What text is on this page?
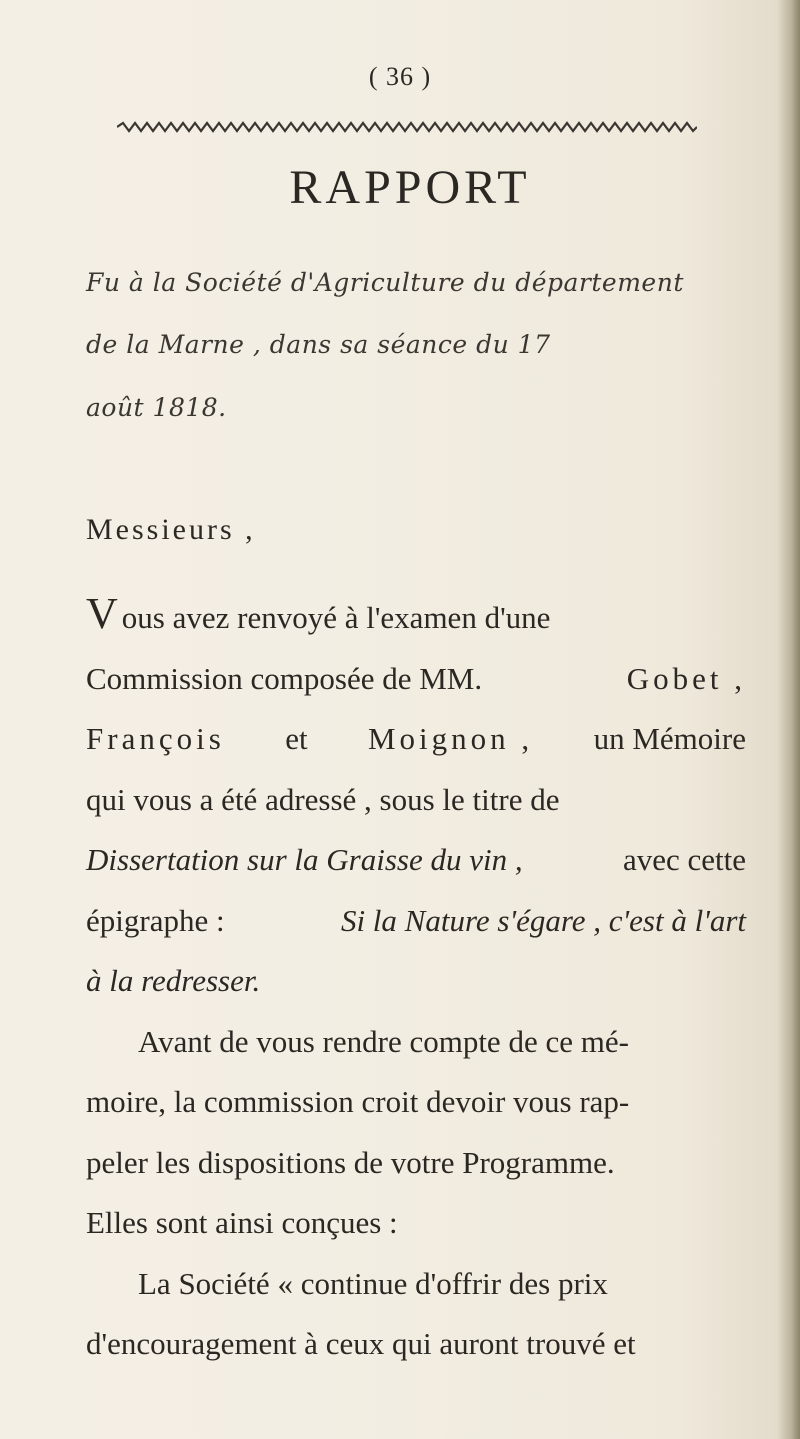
( 36 )
RAPPORT
Fu à la Société d'Agriculture du département
de la Marne , dans sa séance du 17
août 1818.
Messieurs ,
V ous avez renvoyé à l'examen d'une
Commission composée de MM.	Gobet ,
François et Moignon , un Mémoire
qui vous a été adressé , sous le titre de
Dissertation sur la Graisse du vin ,	avec cette
épigraphe :	Si la Nature s'égare , c'est à l'art
à la redresser.
Avant de vous rendre compte de ce mé-
moire, la commission croit devoir vous rap-
peler les dispositions de votre Programme.
Elles sont ainsi conçues :
La Société « continue d'offrir des prix
d'encouragement à ceux qui auront trouvé et
